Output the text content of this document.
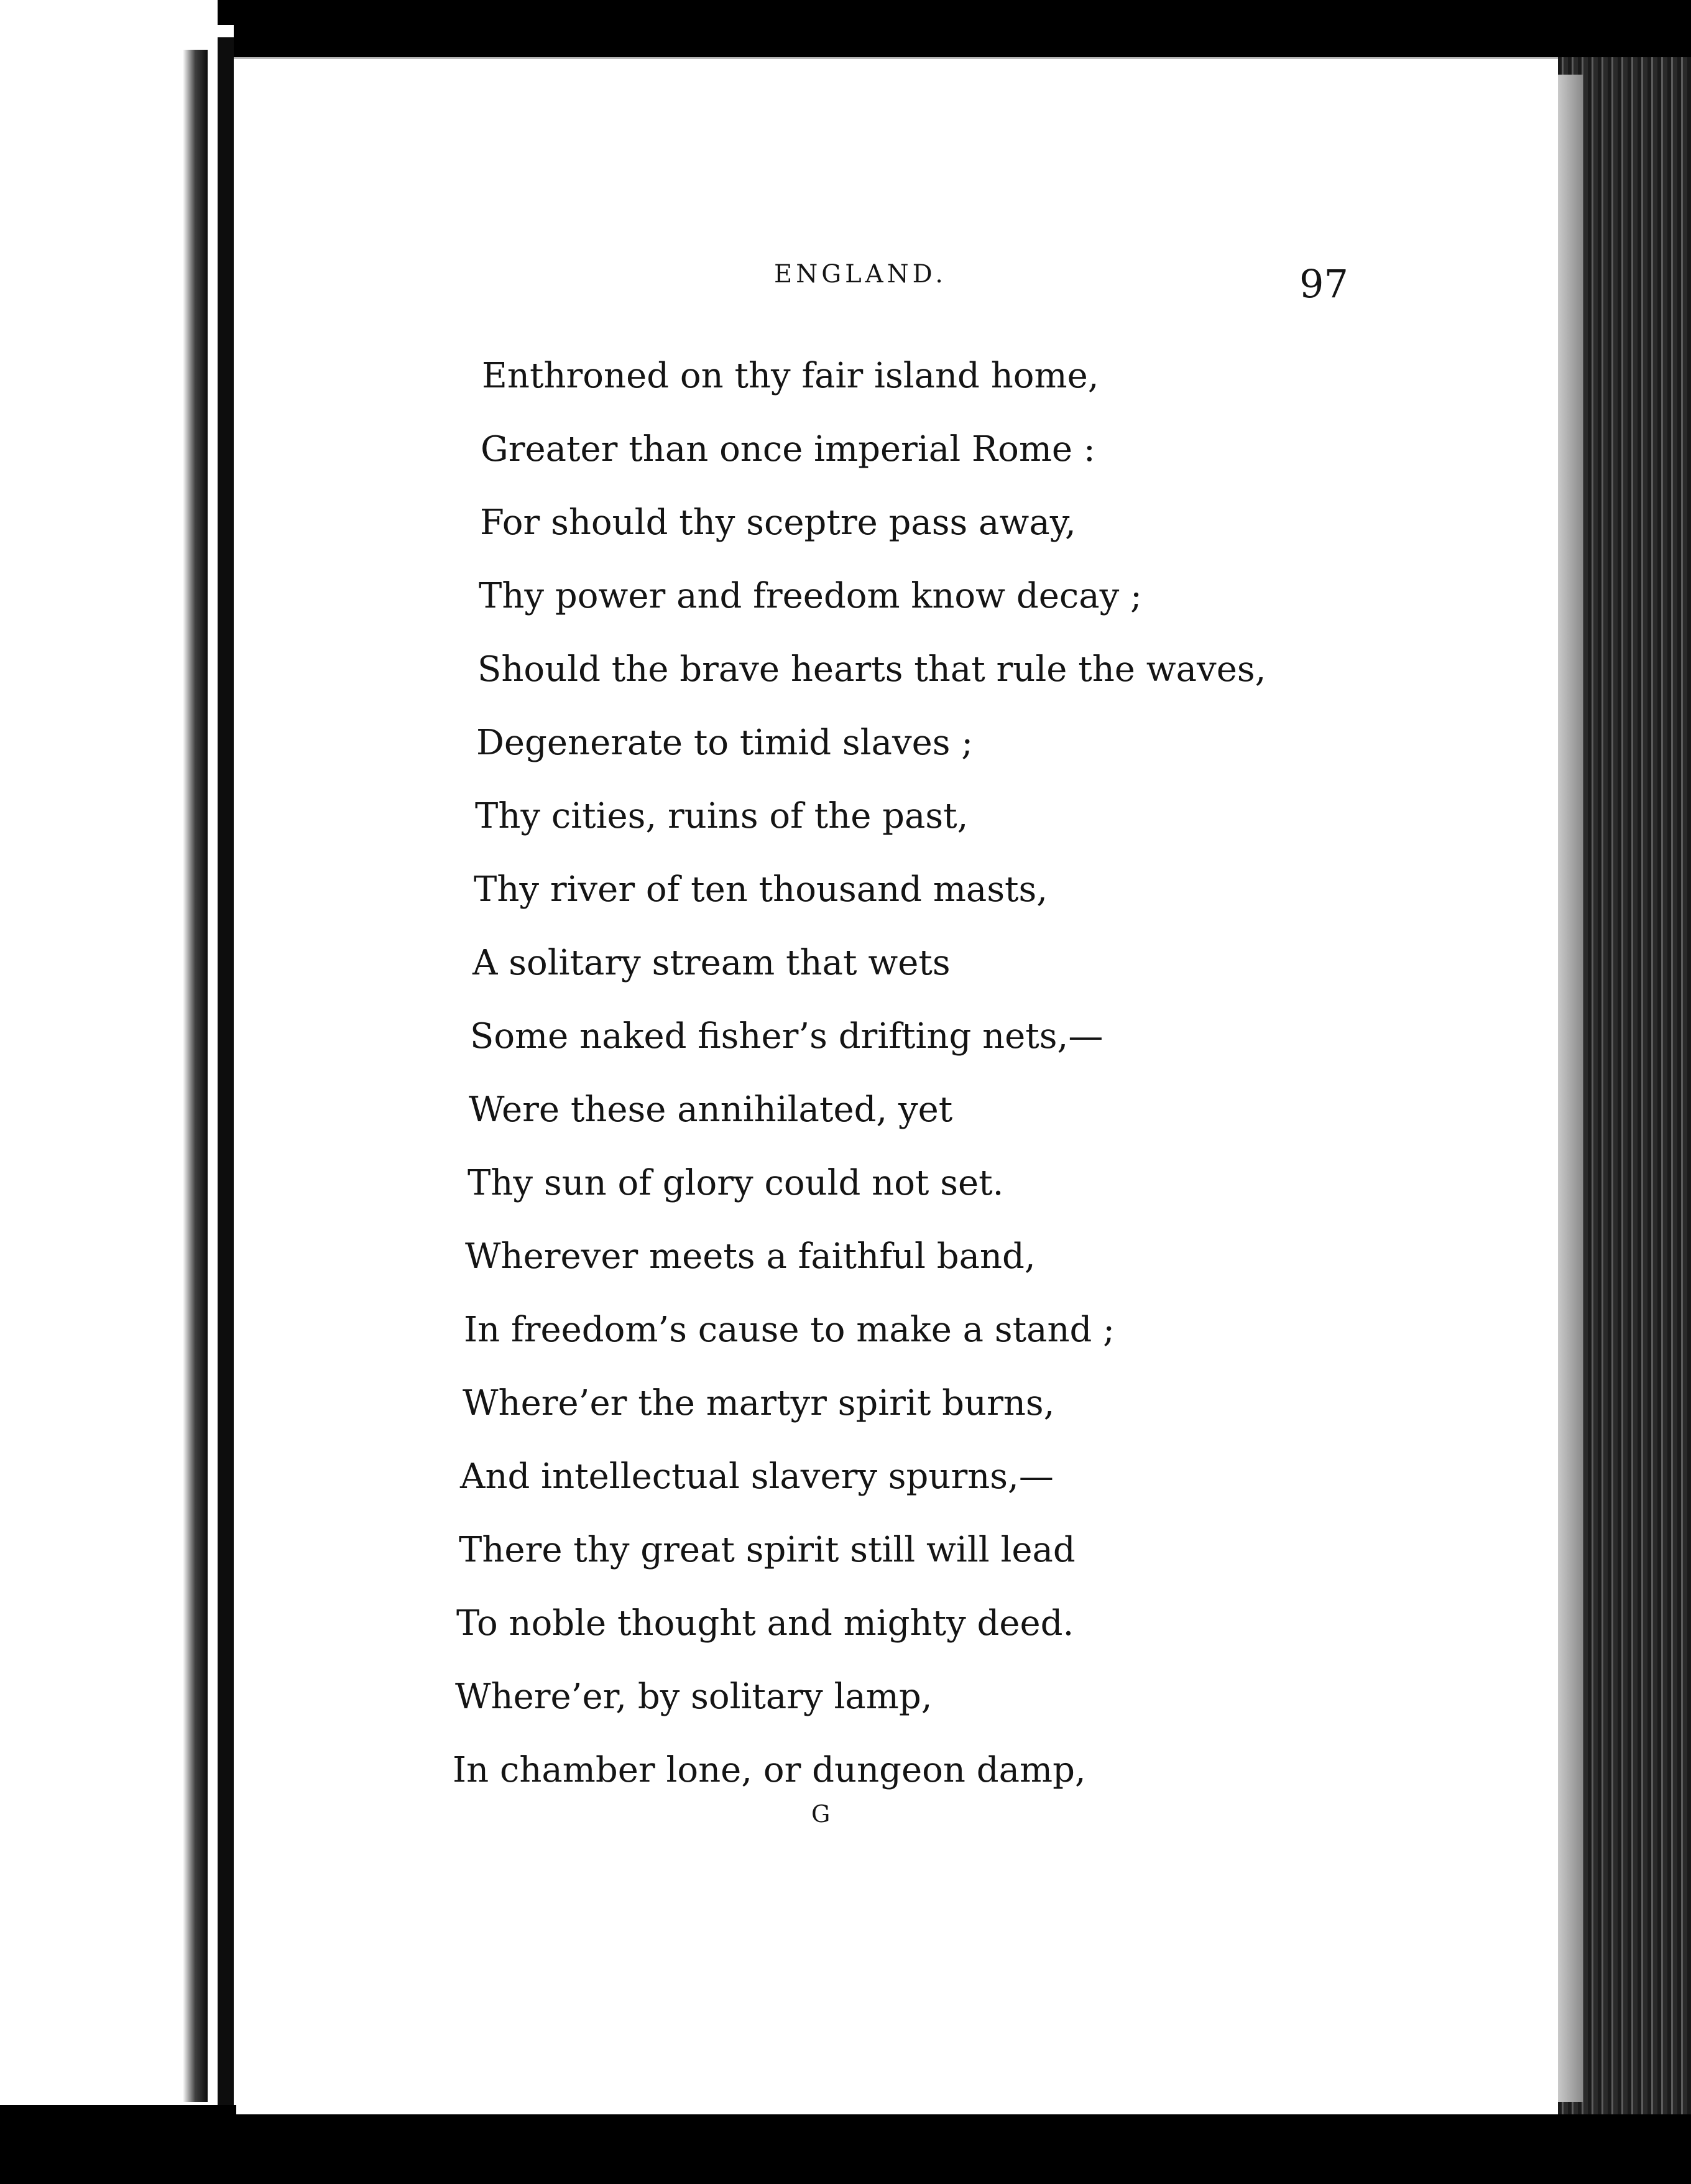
ENGLAND.	97
Enthroned on thy fair island home,
Greater than once imperial Rome :
For should thy sceptre pass away,
Thy power and freedom know decay ;
Should the brave hearts that rule the waves,
Degenerate to timid slaves ;
Thy cities, ruins of the past,
Thy river of ten thousand masts,
A solitary stream that wets
Some naked fisher’s drifting nets,—
Were these annihilated, yet
Thy sun of glory could not set.
Wherever meets a faithful band,
In freedom’s cause to make a stand ;
Where’er the martyr spirit burns,
And intellectual slavery spurns,—
There thy great spirit still will lead
To noble thought and mighty deed.
Where’er, by solitary lamp,
In chamber lone, or dungeon damp,
G
